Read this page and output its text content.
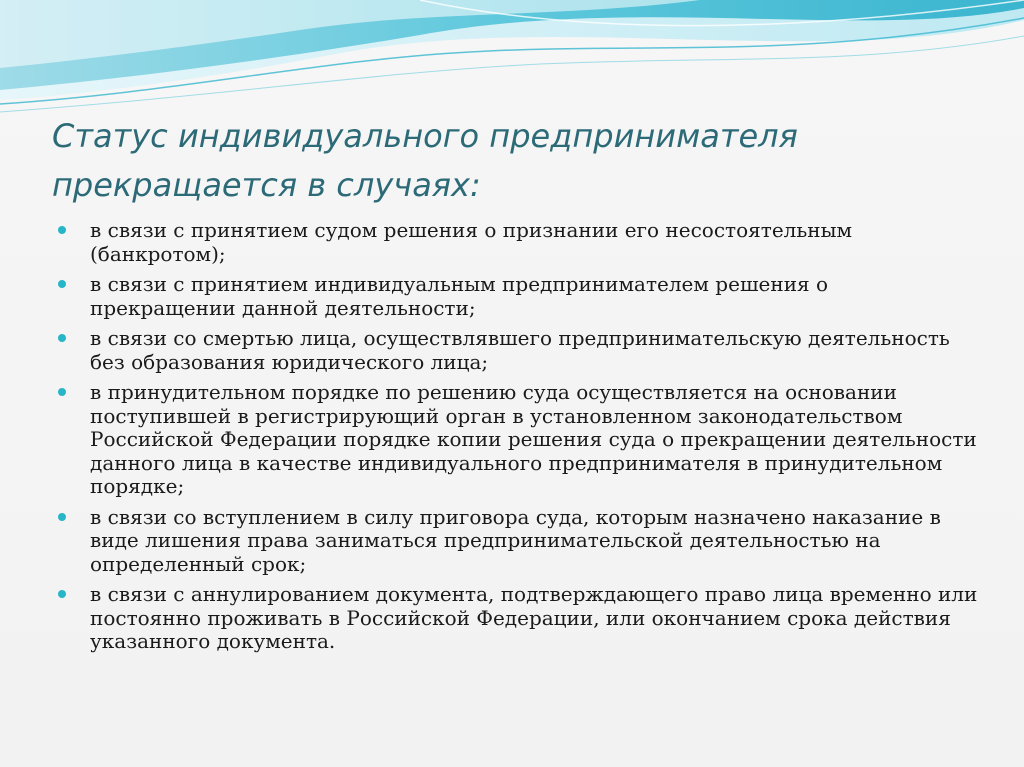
Статус индивидуального предпринимателя
прекращается в случаях:
в связи с принятием судом решения о признании его несостоятельным (банкротом);
в связи с принятием индивидуальным предпринимателем решения о прекращении данной деятельности;
в связи со смертью лица, осуществлявшего предпринимательскую деятельность без образования юридического лица;
в принудительном порядке по решению суда осуществляется на основании поступившей в регистрирующий орган в установленном законодательством Российской Федерации порядке копии решения суда о прекращении деятельности данного лица в качестве индивидуального предпринимателя в принудительном порядке;
в связи со вступлением в силу приговора суда, которым назначено наказание в виде лишения права заниматься предпринимательской деятельностью на определенный срок;
в связи с аннулированием документа, подтверждающего право лица временно или постоянно проживать в Российской Федерации, или окончанием срока действия указанного документа.
